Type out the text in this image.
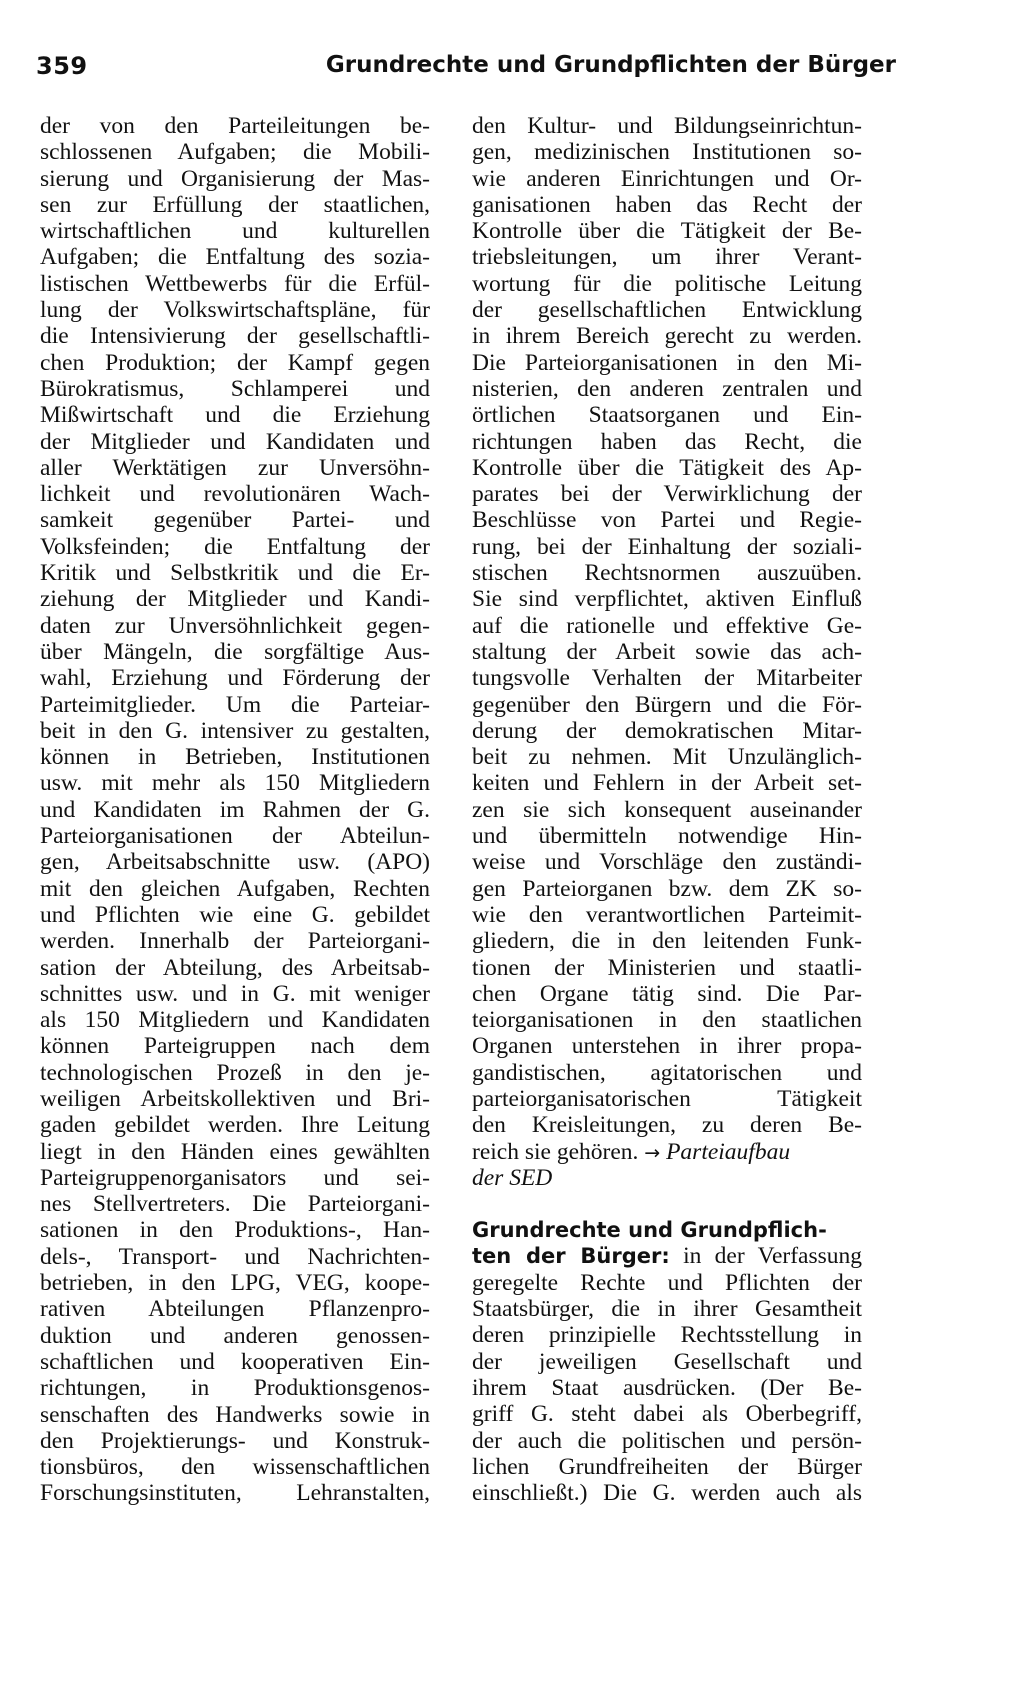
359	Grundrechte und Grundpflichten der Bürger
der von den Parteileitungen be-
schlossenen Aufgaben; die Mobili-
sierung und Organisierung der Mas-
sen zur Erfüllung der staatlichen,
wirtschaftlichen und kulturellen
Aufgaben; die Entfaltung des sozia-
listischen Wettbewerbs für die Erfül-
lung der Volkswirtschaftspläne, für
die Intensivierung der gesellschaftli-
chen Produktion; der Kampf gegen
Bürokratismus, Schlamperei und
Mißwirtschaft und die Erziehung
der Mitglieder und Kandidaten und
aller Werktätigen zur Unversöhn-
lichkeit und revolutionären Wach-
samkeit gegenüber Partei- und
Volksfeinden; die Entfaltung der
Kritik und Selbstkritik und die Er-
ziehung der Mitglieder und Kandi-
daten zur Unversöhnlichkeit gegen-
über Mängeln, die sorgfältige Aus-
wahl, Erziehung und Förderung der
Parteimitglieder. Um die Parteiar-
beit in den G. intensiver zu gestalten,
können in Betrieben, Institutionen
usw. mit mehr als 150 Mitgliedern
und Kandidaten im Rahmen der G.
Parteiorganisationen der Abteilun-
gen, Arbeitsabschnitte usw. (APO)
mit den gleichen Aufgaben, Rechten
und Pflichten wie eine G. gebildet
werden. Innerhalb der Parteiorgani-
sation der Abteilung, des Arbeitsab-
schnittes usw. und in G. mit weniger
als 150 Mitgliedern und Kandidaten
können Parteigruppen nach dem
technologischen Prozeß in den je-
weiligen Arbeitskollektiven und Bri-
gaden gebildet werden. Ihre Leitung
liegt in den Händen eines gewählten
Parteigruppenorganisators und sei-
nes Stellvertreters. Die Parteiorgani-
sationen in den Produktions-, Han-
dels-, Transport- und Nachrichten-
betrieben, in den LPG, VEG, koope-
rativen Abteilungen Pflanzenpro-
duktion und anderen genossen-
schaftlichen und kooperativen Ein-
richtungen, in Produktionsgenos-
senschaften des Handwerks sowie in
den Projektierungs- und Konstruk-
tionsbüros, den wissenschaftlichen
Forschungsinstituten, Lehranstalten,
den Kultur- und Bildungseinrichtun-
gen, medizinischen Institutionen so-
wie anderen Einrichtungen und Or-
ganisationen haben das Recht der
Kontrolle über die Tätigkeit der Be-
triebsleitungen, um ihrer Verant-
wortung für die politische Leitung
der gesellschaftlichen Entwicklung
in ihrem Bereich gerecht zu werden.
Die Parteiorganisationen in den Mi-
nisterien, den anderen zentralen und
örtlichen Staatsorganen und Ein-
richtungen haben das Recht, die
Kontrolle über die Tätigkeit des Ap-
parates bei der Verwirklichung der
Beschlüsse von Partei und Regie-
rung, bei der Einhaltung der soziali-
stischen Rechtsnormen auszuüben.
Sie sind verpflichtet, aktiven Einfluß
auf die rationelle und effektive Ge-
staltung der Arbeit sowie das ach-
tungsvolle Verhalten der Mitarbeiter
gegenüber den Bürgern und die För-
derung der demokratischen Mitar-
beit zu nehmen. Mit Unzulänglich-
keiten und Fehlern in der Arbeit set-
zen sie sich konsequent auseinander
und übermitteln notwendige Hin-
weise und Vorschläge den zuständi-
gen Parteiorganen bzw. dem ZK so-
wie den verantwortlichen Parteimit-
gliedern, die in den leitenden Funk-
tionen der Ministerien und staatli-
chen Organe tätig sind. Die Par-
teiorganisationen in den staatlichen
Organen unterstehen in ihrer propa-
gandistischen, agitatorischen und
parteiorganisatorischen Tätigkeit
den Kreisleitungen, zu deren Be-
reich sie gehören. → Parteiaufbau
der SED
Grundrechte und Grundpflich-
ten der Bürger: in der Verfassung
geregelte Rechte und Pflichten der
Staatsbürger, die in ihrer Gesamtheit
deren prinzipielle Rechtsstellung in
der jeweiligen Gesellschaft und
ihrem Staat ausdrücken. (Der Be-
griff G. steht dabei als Oberbegriff,
der auch die politischen und persön-
lichen Grundfreiheiten der Bürger
einschließt.) Die G. werden auch als
